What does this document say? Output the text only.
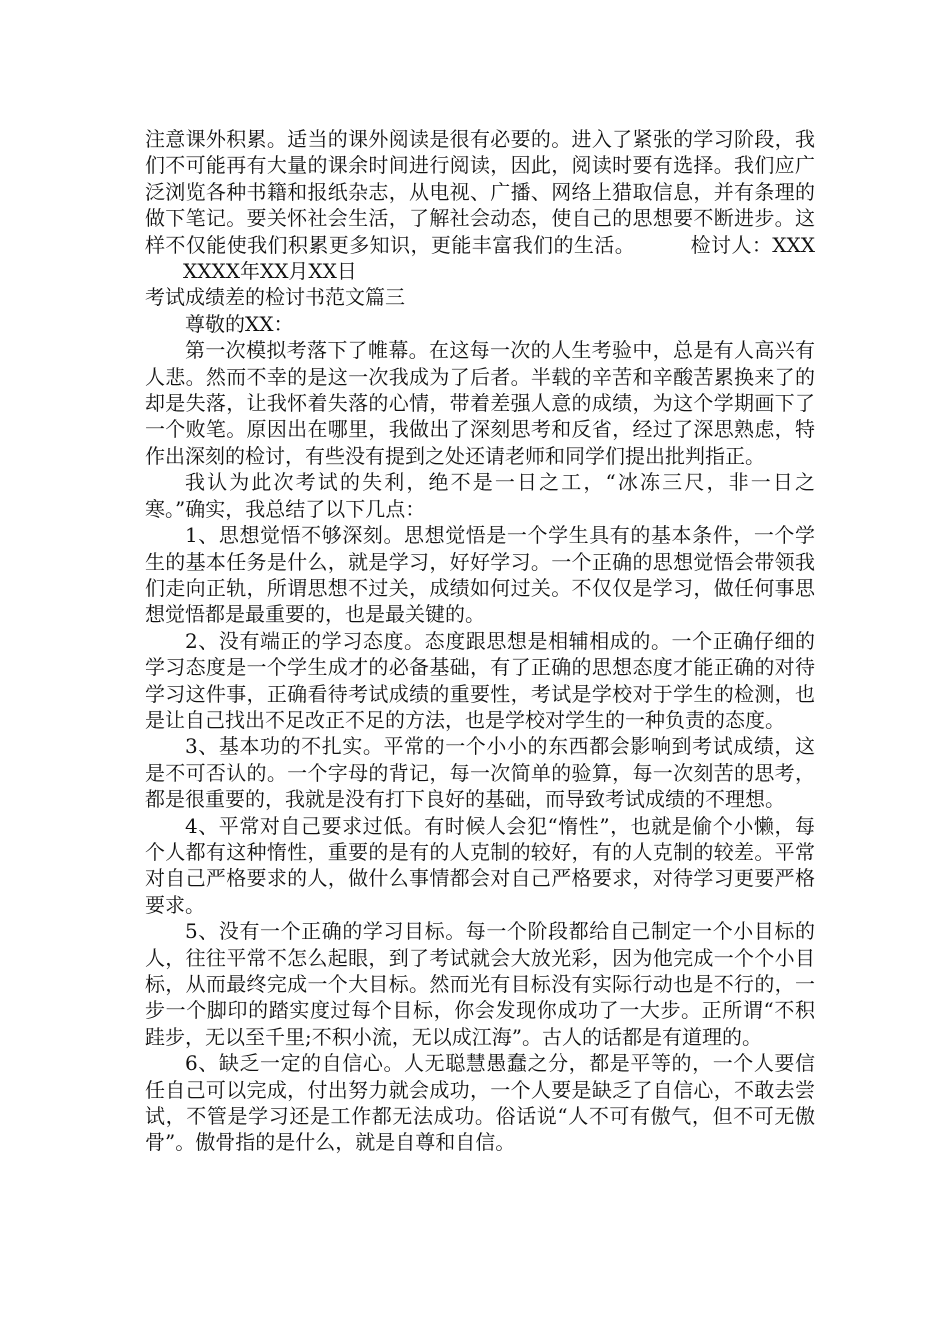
注意课外积累。适当的课外阅读是很有必要的。进入了紧张的学习阶段，我们不可能再有大量的课余时间进行阅读，因此，阅读时要有选择。我们应广泛浏览各种书籍和报纸杂志，从电视、广播、网络上猎取信息，并有条理的做下笔记。要关怀社会生活，了解社会动态，使自己的思想要不断进步。这样不仅能使我们积累更多知识，更能丰富我们的生活。	检讨人：XXXXXXX年XX月XX日

考试成绩差的检讨书范文篇三

尊敬的XX：

第一次模拟考落下了帷幕。在这每一次的人生考验中，总是有人高兴有人悲。然而不幸的是这一次我成为了后者。半载的辛苦和辛酸苦累换来了的却是失落，让我怀着失落的心情，带着差强人意的成绩，为这个学期画下了一个败笔。原因出在哪里，我做出了深刻思考和反省，经过了深思熟虑，特作出深刻的检讨，有些没有提到之处还请老师和同学们提出批判指正。

我认为此次考试的失利，绝不是一日之工，“冰冻三尺，非一日之寒。”确实，我总结了以下几点：

1、思想觉悟不够深刻。思想觉悟是一个学生具有的基本条件，一个学生的基本任务是什么，就是学习，好好学习。一个正确的思想觉悟会带领我们走向正轨，所谓思想不过关，成绩如何过关。不仅仅是学习，做任何事思想觉悟都是最重要的，也是最关键的。

2、没有端正的学习态度。态度跟思想是相辅相成的。一个正确仔细的学习态度是一个学生成才的必备基础，有了正确的思想态度才能正确的对待学习这件事，正确看待考试成绩的重要性，考试是学校对于学生的检测，也是让自己找出不足改正不足的方法，也是学校对学生的一种负责的态度。

3、基本功的不扎实。平常的一个小小的东西都会影响到考试成绩，这是不可否认的。一个字母的背记，每一次简单的验算，每一次刻苦的思考，都是很重要的，我就是没有打下良好的基础，而导致考试成绩的不理想。

4、平常对自己要求过低。有时候人会犯“惰性”，也就是偷个小懒，每个人都有这种惰性，重要的是有的人克制的较好，有的人克制的较差。平常对自己严格要求的人，做什么事情都会对自己严格要求，对待学习更要严格要求。

5、没有一个正确的学习目标。每一个阶段都给自己制定一个小目标的人，往往平常不怎么起眼，到了考试就会大放光彩，因为他完成一个个小目标，从而最终完成一个大目标。然而光有目标没有实际行动也是不行的，一步一个脚印的踏实度过每个目标，你会发现你成功了一大步。正所谓“不积跬步，无以至千里;不积小流，无以成江海”。古人的话都是有道理的。

6、缺乏一定的自信心。人无聪慧愚蠢之分，都是平等的，一个人要信任自己可以完成，付出努力就会成功，一个人要是缺乏了自信心，不敢去尝试，不管是学习还是工作都无法成功。俗话说“人不可有傲气，但不可无傲骨”。傲骨指的是什么，就是自尊和自信。
